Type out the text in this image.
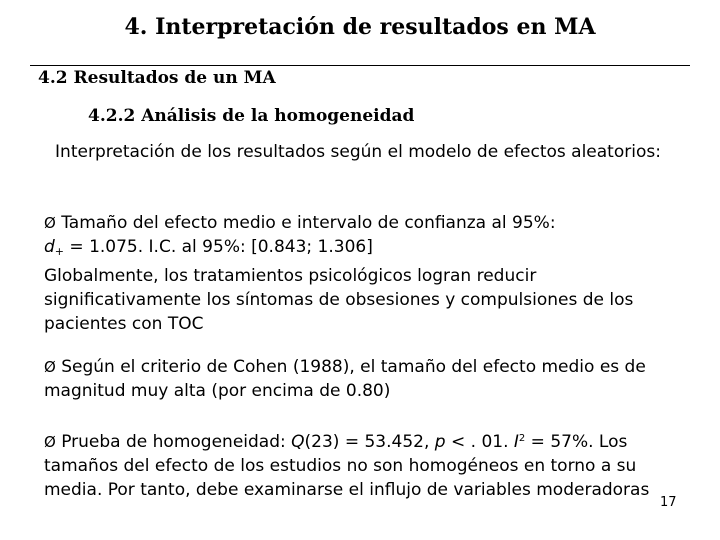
4. Interpretación de resultados en MA
4.2 Resultados de un MA
4.2.2 Análisis de la homogeneidad
Interpretación de los resultados según el modelo de efectos aleatorios:
Ø Tamaño del efecto medio e intervalo de confianza al 95%:
$d_+ = 1.075$. I.C. al 95%: [0.843; 1.306]
Globalmente, los tratamientos psicológicos logran reducir significativamente los síntomas de obsesiones y compulsiones de los pacientes con TOC
Ø Según el criterio de Cohen (1988), el tamaño del efecto medio es de magnitud muy alta (por encima de 0.80)
Ø Prueba de homogeneidad: Q(23) = 53.452, p < . 01. $I^2 = 57\%$. Los tamaños del efecto de los estudios no son homogéneos en torno a su media. Por tanto, debe examinarse el influjo de variables moderadoras
17
